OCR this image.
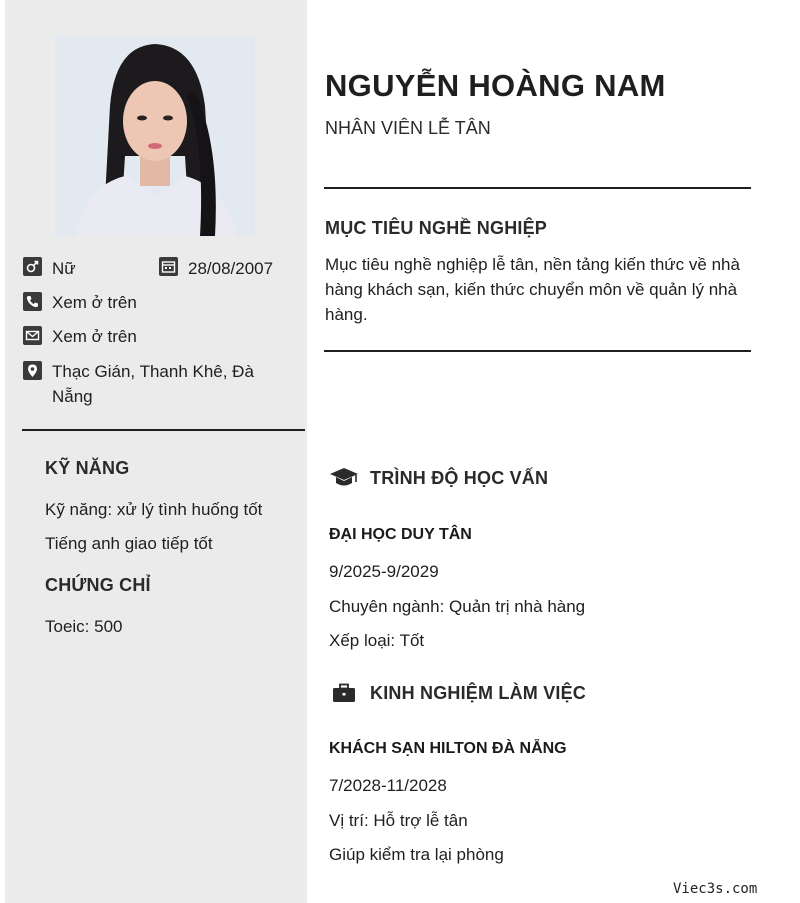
Nữ	28/08/2007
Xem ở trên
Xem ở trên
Thạc Gián, Thanh Khê, Đà Nẵng
KỸ NĂNG
Kỹ năng: xử lý tình huống tốt
Tiếng anh giao tiếp tốt
CHỨNG CHỈ
Toeic: 500
NGUYỄN HOÀNG NAM
NHÂN VIÊN LỄ TÂN
MỤC TIÊU NGHỀ NGHIỆP
Mục tiêu nghề nghiệp lễ tân, nền tảng kiến thức về nhà hàng khách sạn, kiến thức chuyển môn về quản lý nhà hàng.
TRÌNH ĐỘ HỌC VẤN
ĐẠI HỌC DUY TÂN
9/2025-9/2029
Chuyên ngành: Quản trị nhà hàng
Xếp loại: Tốt
KINH NGHIỆM LÀM VIỆC
KHÁCH SẠN HILTON ĐÀ NẴNG
7/2028-11/2028
Vị trí: Hỗ trợ lễ tân
Giúp kiểm tra lại phòng
Viec3s.com
